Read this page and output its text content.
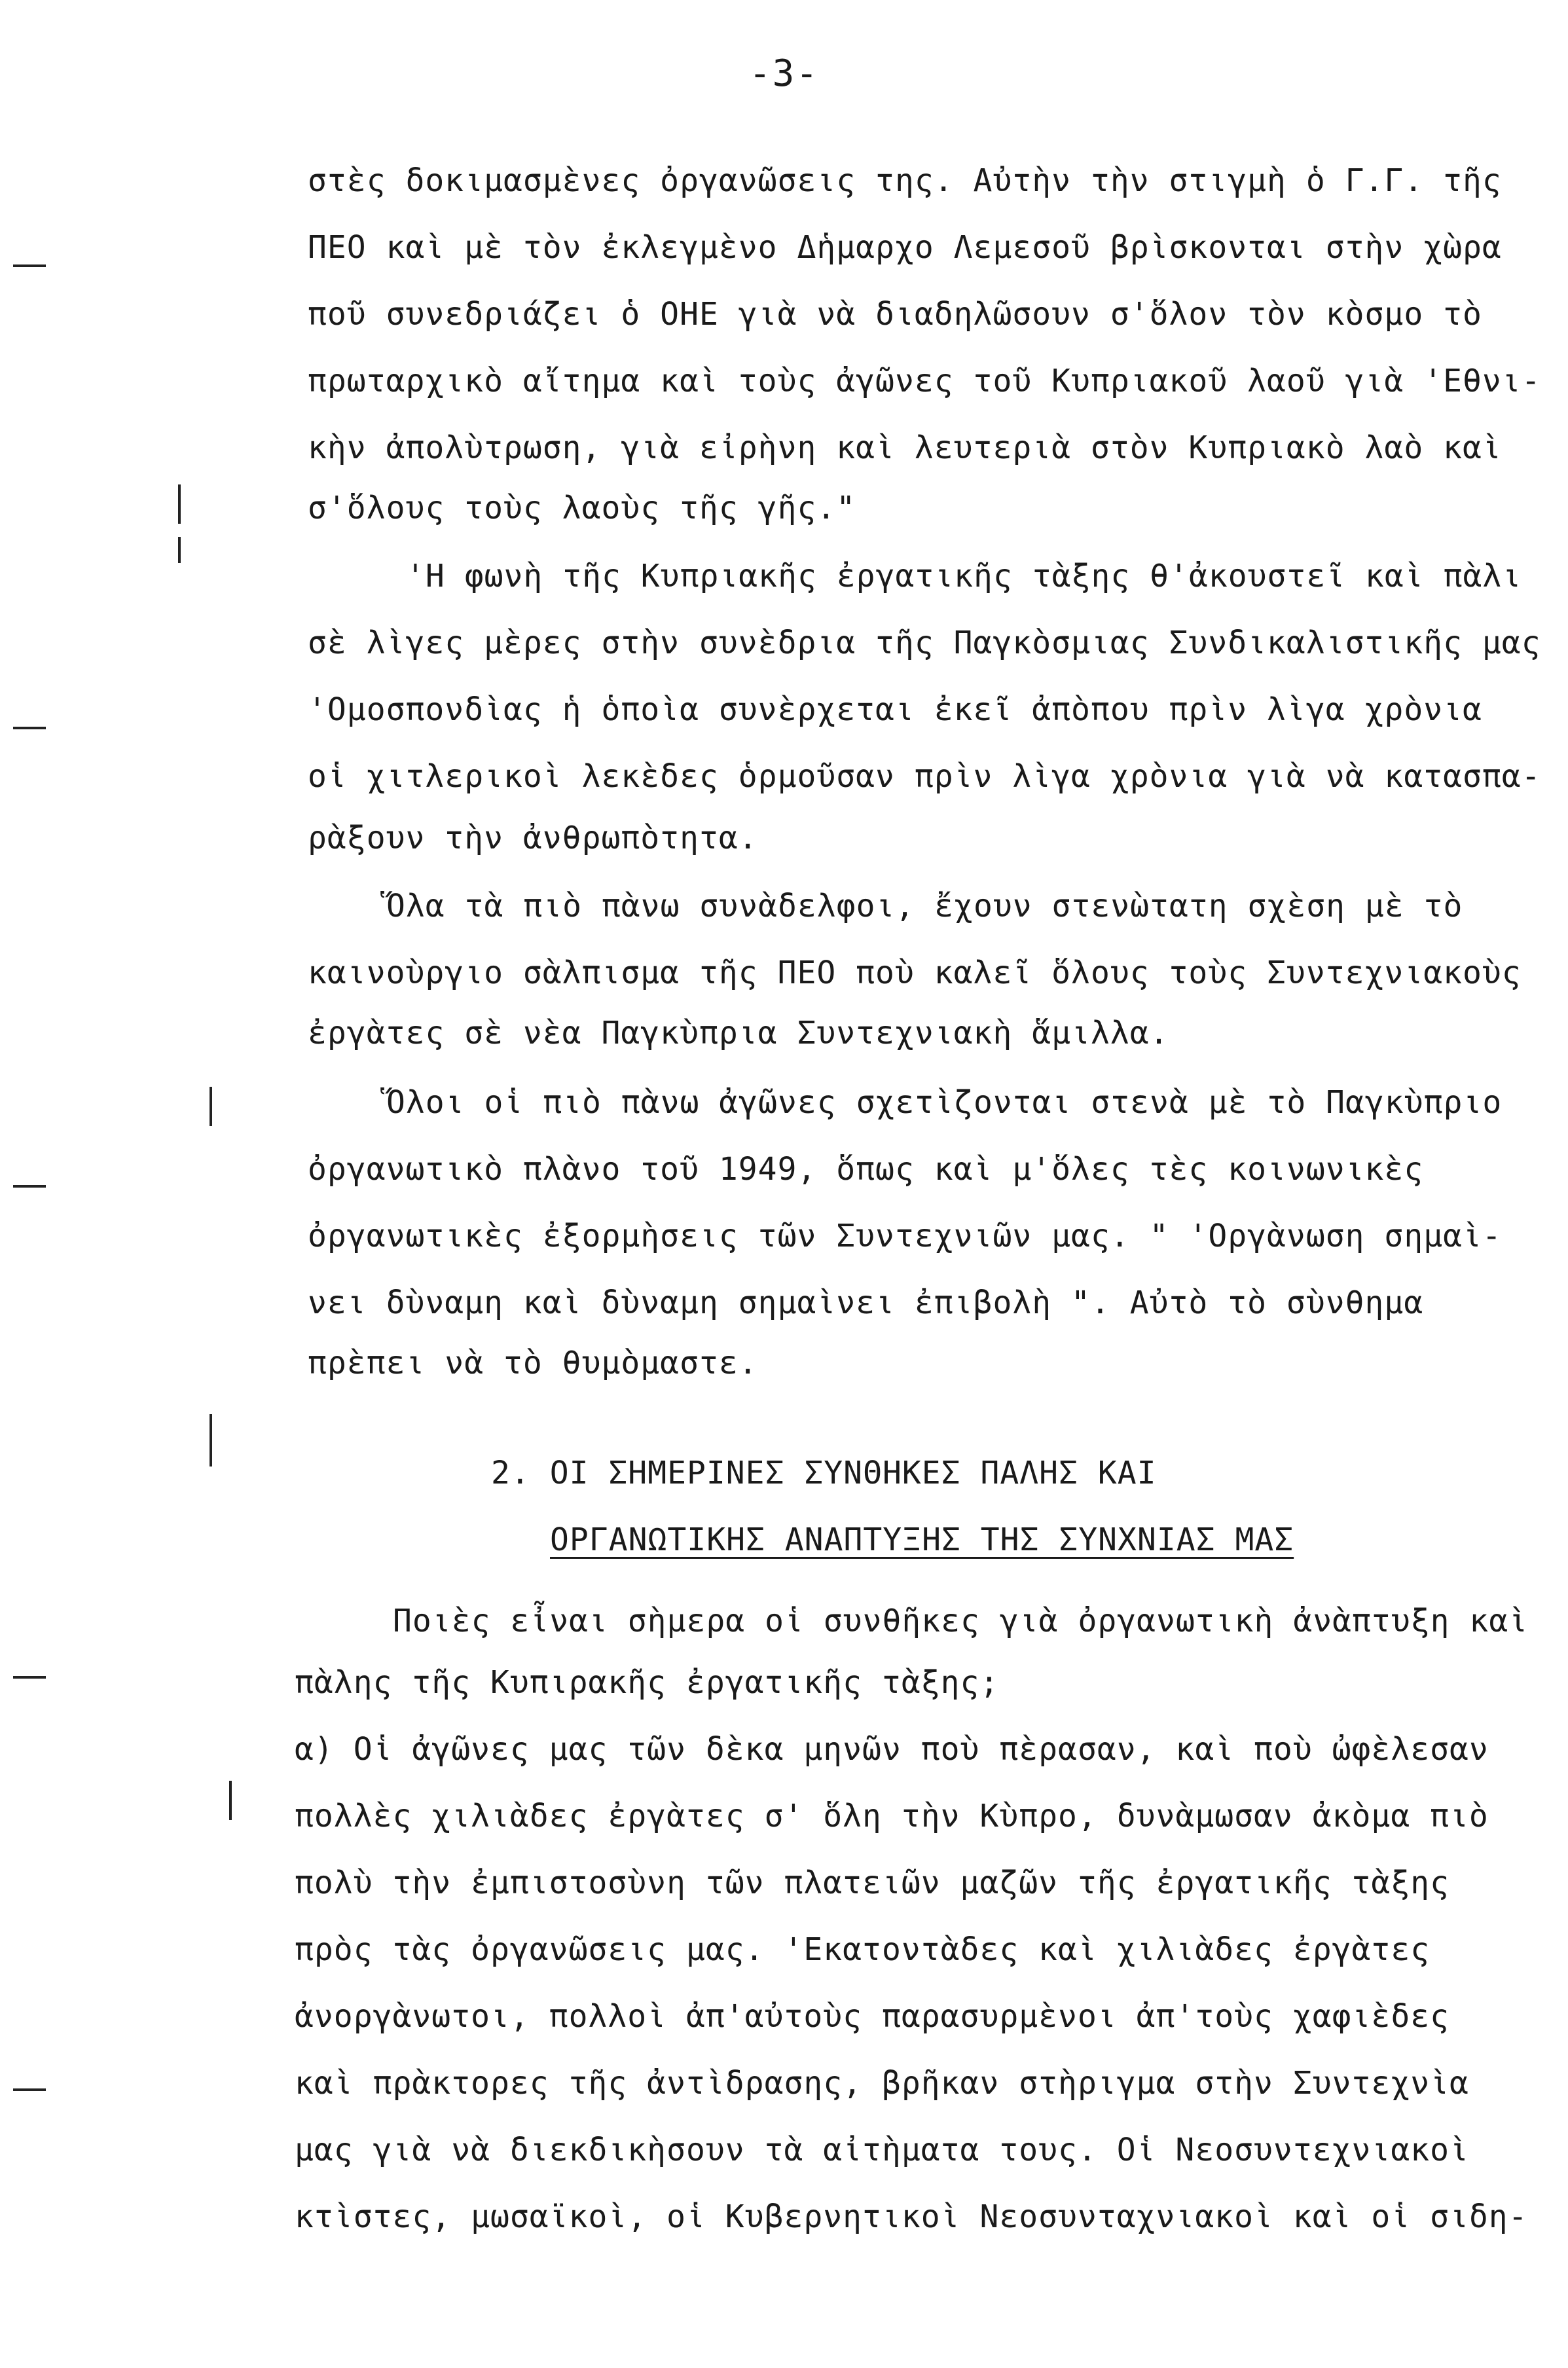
-3-
στὲς δοκιμασμὲνες ὀργανῶσεις της. Αὐτὴν τὴν στιγμὴ ὁ Γ.Γ. τῆς
ΠΕΟ καὶ μὲ τὸν ἐκλεγμὲνο Δἡμαρχο Λεμεσοῦ βρὶσκονται στὴν χὼρα
ποῦ συνεδριάζει ὁ ΟΗΕ γιὰ νὰ διαδηλῶσουν σ'ὅλον τὸν κὸσμο τὸ
πρωταρχικὸ αἴτημα καὶ τοὺς ἀγῶνες τοῦ Κυπριακοῦ λαοῦ γιὰ 'Εθνι-
κὴν ἀπολὺτρωση, γιὰ εἰρὴνη καὶ λευτεριὰ στὸν Κυπριακὸ λαὸ καὶ
σ'ὅλους τοὺς λαοὺς τῆς γῆς."
'Η φωνὴ τῆς Κυπριακῆς ἐργατικῆς τὰξης θ'ἀκουστεῖ καὶ πὰλι
σὲ λὶγες μὲρες στὴν συνὲδρια τῆς Παγκὸσμιας Συνδικαλιστικῆς μας
'Ομοσπονδὶας ἡ ὁποὶα συνὲρχεται ἐκεῖ ἀπὸπου πρὶν λὶγα χρὸνια
οἱ χιτλερικοὶ λεκὲδες ὁρμοῦσαν πρὶν λὶγα χρὸνια γιὰ νὰ κατασπα-
ρὰξουν τὴν ἀνθρωπὸτητα.
Ὅλα τὰ πιὸ πὰνω συνὰδελφοι, ἔχουν στενὼτατη σχὲση μὲ τὸ
καινοὺργιο σὰλπισμα τῆς ΠΕΟ ποὺ καλεῖ ὅλους τοὺς Συντεχνιακοὺς
ἐργὰτες σὲ νὲα Παγκὺπρια Συντεχνιακὴ ἅμιλλα.
Ὅλοι οἱ πιὸ πὰνω ἀγῶνες σχετὶζονται στενὰ μὲ τὸ Παγκὺπριο
ὀργανωτικὸ πλὰνο τοῦ 1949, ὅπως καὶ μ'ὅλες τὲς κοινωνικὲς
ὀργανωτικὲς ἐξορμὴσεις τῶν Συντεχνιῶν μας. " 'Οργὰνωση σημαὶ-
νει δὺναμη καὶ δὺναμη σημαὶνει ἐπιβολὴ ". Αὐτὸ τὸ σὺνθημα
πρὲπει νὰ τὸ θυμὸμαστε.
2. ΟΙ ΣΗΜΕΡΙΝΕΣ ΣΥΝΘΗΚΕΣ ΠΑΛΗΣ ΚΑΙ
ΟΡΓΑΝΩΤΙΚΗΣ ΑΝΑΠΤΥΞΗΣ ΤΗΣ ΣΥΝΧΝΙΑΣ ΜΑΣ
Ποιὲς εἶναι σὴμερα οἱ συνθῆκες γιὰ ὀργανωτικὴ ἀνὰπτυξη καὶ
πὰλης τῆς Κυπιρακῆς ἐργατικῆς τὰξης;
α) Οἱ ἀγῶνες μας τῶν δὲκα μηνῶν ποὺ πὲρασαν, καὶ ποὺ ὠφὲλεσαν
πολλὲς χιλιὰδες ἐργὰτες σ' ὅλη τὴν Κὺπρο, δυνὰμωσαν ἀκὸμα πιὸ
πολὺ τὴν ἐμπιστοσὺνη τῶν πλατειῶν μαζῶν τῆς ἐργατικῆς τὰξης
πρὸς τὰς ὀργανῶσεις μας. 'Εκατοντὰδες καὶ χιλιὰδες ἐργὰτες
ἀνοργὰνωτοι, πολλοὶ ἀπ'αὐτοὺς παρασυρμὲνοι ἀπ'τοὺς χαφιὲδες
καὶ πρὰκτορες τῆς ἀντὶδρασης, βρῆκαν στὴριγμα στὴν Συντεχνὶα
μας γιὰ νὰ διεκδικὴσουν τὰ αἰτὴματα τους. Οἱ Νεοσυντεχνιακοὶ
κτὶστες, μωσαϊκοὶ, οἱ Κυβερνητικοὶ Νεοσυνταχνιακοὶ καὶ οἱ σιδη-
